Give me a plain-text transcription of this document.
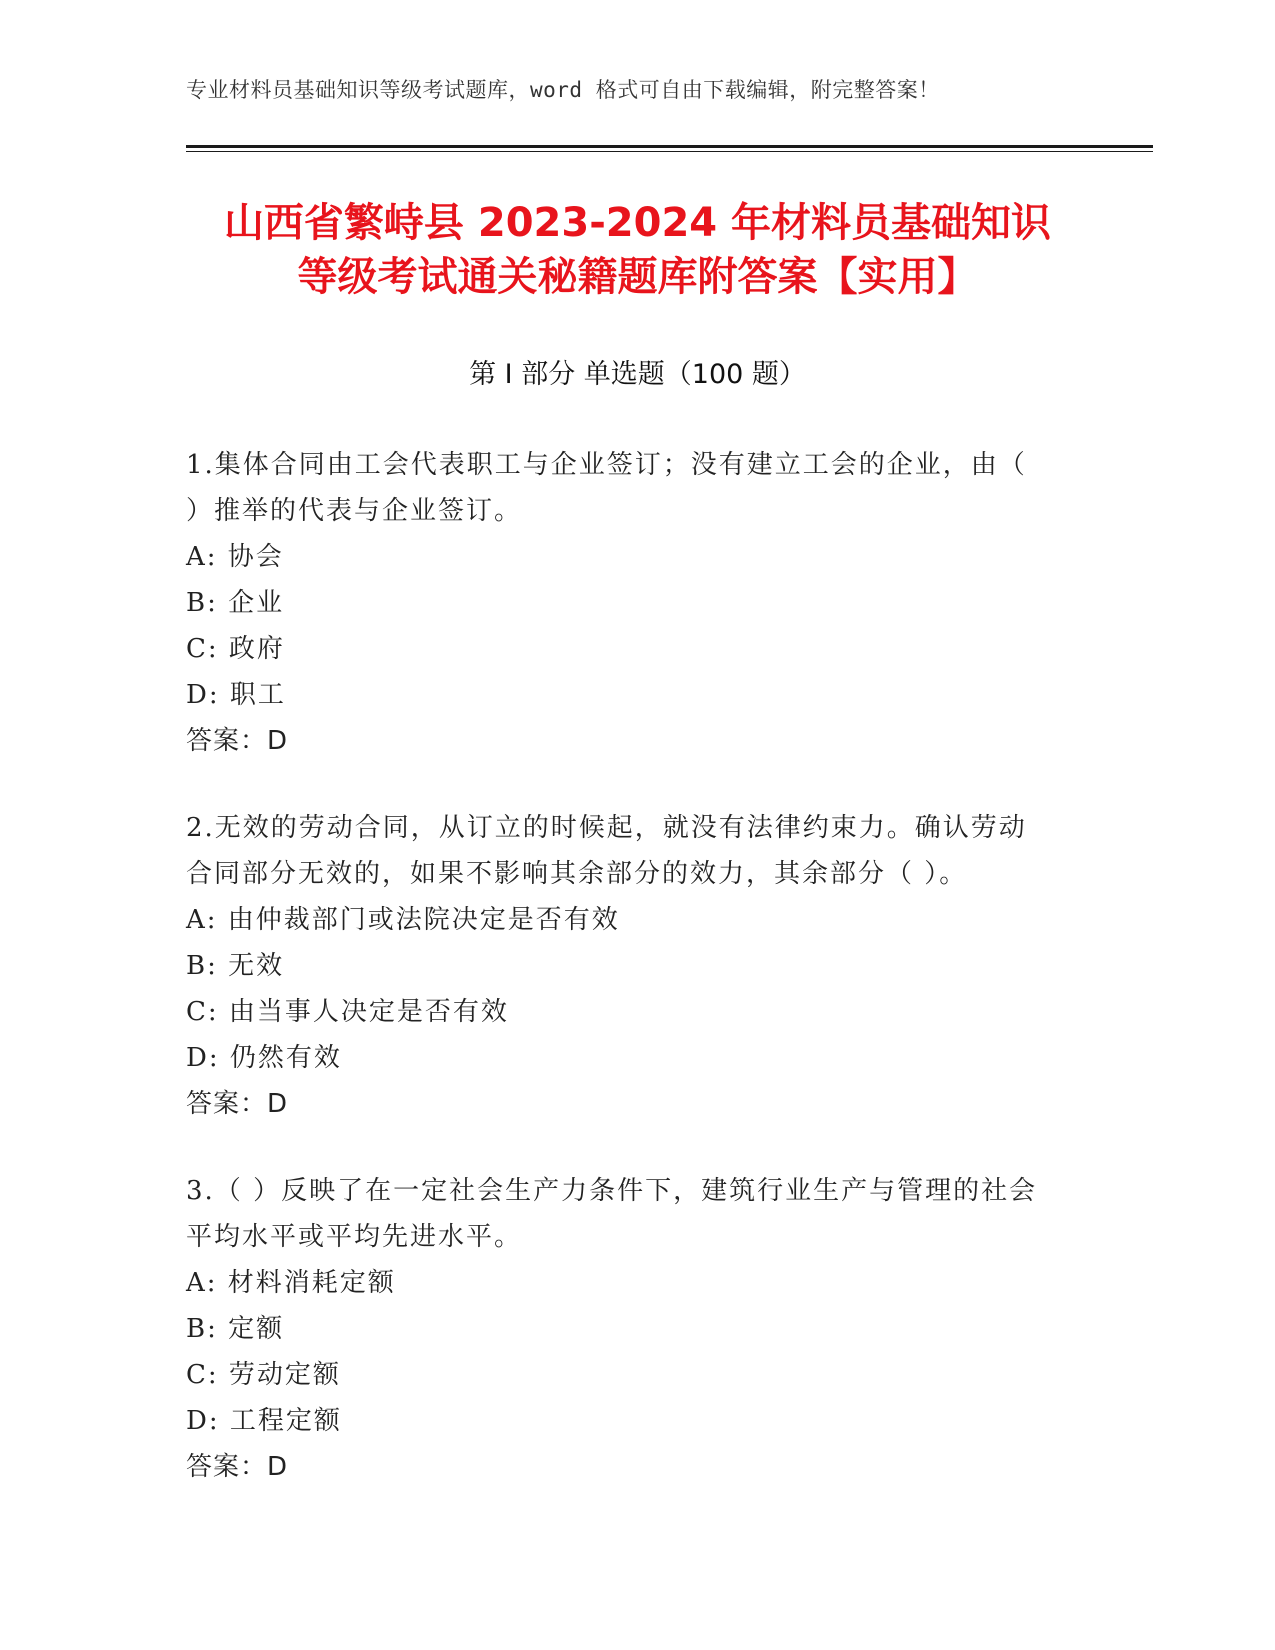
专业材料员基础知识等级考试题库，word 格式可自由下载编辑，附完整答案！
山西省繁峙县 2023-2024 年材料员基础知识
等级考试通关秘籍题库附答案【实用】
第 I 部分 单选题（100 题）

1.集体合同由工会代表职工与企业签订；没有建立工会的企业，由（

）推举的代表与企业签订。

A: 协会

B: 企业

C: 政府

D: 职工

答案：D

2.无效的劳动合同，从订立的时候起，就没有法律约束力。确认劳动

合同部分无效的，如果不影响其余部分的效力，其余部分（ ）。

A: 由仲裁部门或法院决定是否有效

B: 无效

C: 由当事人决定是否有效

D: 仍然有效

答案：D

3.（ ）反映了在一定社会生产力条件下，建筑行业生产与管理的社会

平均水平或平均先进水平。

A: 材料消耗定额

B: 定额

C: 劳动定额

D: 工程定额

答案：D
